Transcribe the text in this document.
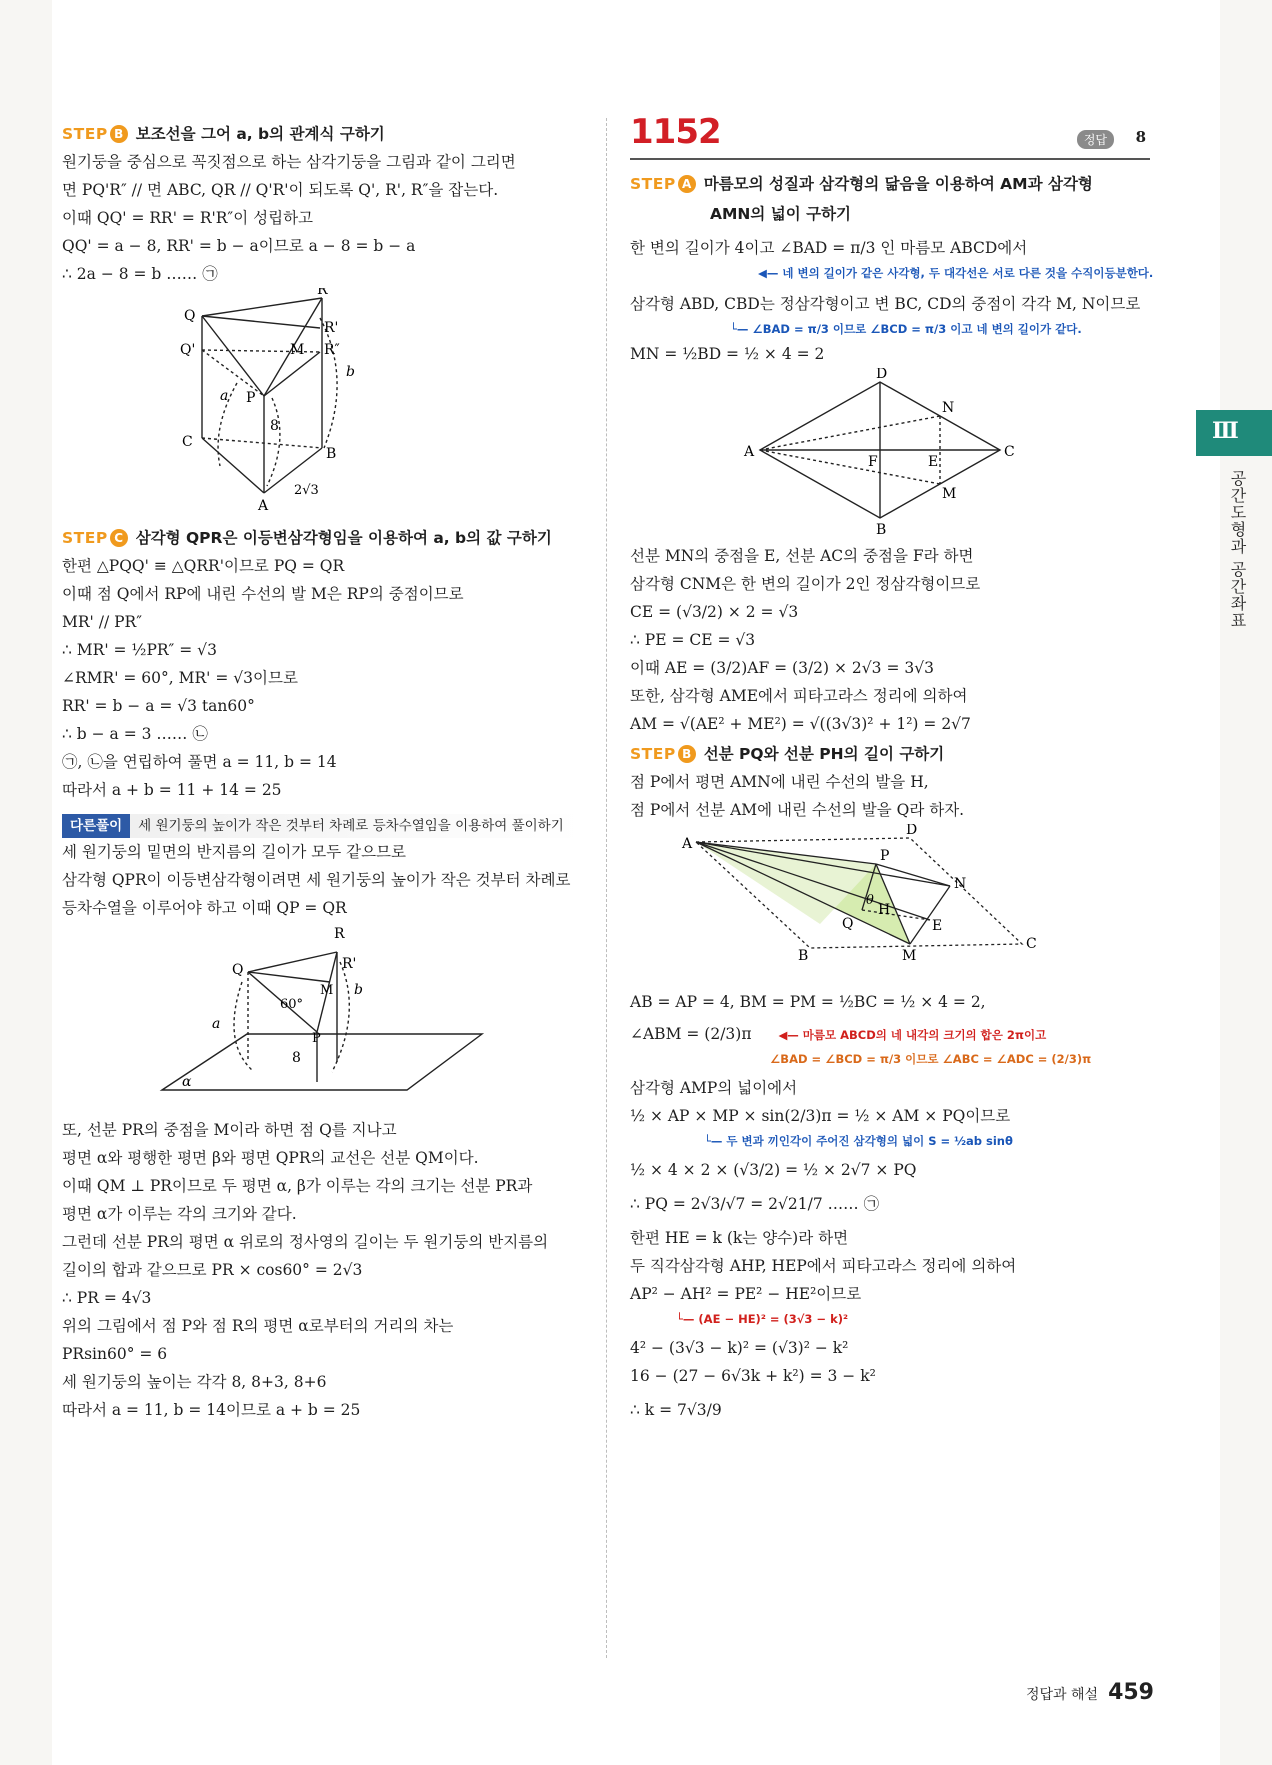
STEP B 보조선을 그어 a, b의 관계식 구하기
원기둥을 중심으로 꼭짓점으로 하는 삼각기둥을 그림과 같이 그리면
면 PQ'R″ // 면 ABC, QR // Q'R'이 되도록 Q', R', R″을 잡는다.
이때 QQ' = RR' = R'R″이 성립하고
QQ' = a − 8, RR' = b − a이므로 a − 8 = b − a
∴ 2a − 8 = b …… ㉠
R
Q
R'
Q'	M R″
b
a P
8
C
B
A
2√3
STEP C 삼각형 QPR은 이등변삼각형임을 이용하여 a, b의 값 구하기
한편 △PQQ' ≡ △QRR'이므로 PQ = QR
이때 점 Q에서 RP에 내린 수선의 발 M은 RP의 중점이므로
MR' // PR″
∴ MR' = ½PR″ = √3
∠RMR' = 60°, MR' = √3이므로
RR' = b − a = √3 tan60°
∴ b − a = 3 …… ㉡
㉠, ㉡을 연립하여 풀면 a = 11, b = 14
따라서 a + b = 11 + 14 = 25
다른풀이 세 원기둥의 높이가 작은 것부터 차례로 등차수열임을 이용하여 풀이하기
세 원기둥의 밑면의 반지름의 길이가 모두 같으므로
삼각형 QPR이 이등변삼각형이려면 세 원기둥의 높이가 작은 것부터 차례로
등차수열을 이루어야 하고 이때 QP = QR
R
Q	R'
M
60°
b
a
P
8
α
또, 선분 PR의 중점을 M이라 하면 점 Q를 지나고
평면 α와 평행한 평면 β와 평면 QPR의 교선은 선분 QM이다.
이때 QM ⊥ PR이므로 두 평면 α, β가 이루는 각의 크기는 선분 PR과
평면 α가 이루는 각의 크기와 같다.
그런데 선분 PR의 평면 α 위로의 정사영의 길이는 두 원기둥의 반지름의
길이의 합과 같으므로 PR × cos60° = 2√3
∴ PR = 4√3
위의 그림에서 점 P와 점 R의 평면 α로부터의 거리의 차는
PRsin60° = 6
세 원기둥의 높이는 각각 8, 8+3, 8+6
따라서 a = 11, b = 14이므로 a + b = 25
1152	정답	8
STEP A 마름모의 성질과 삼각형의 닮음을 이용하여 AM과 삼각형
AMN의 넓이 구하기
한 변의 길이가 4이고 ∠BAD = π/3 인 마름모 ABCD에서
◀— 네 변의 길이가 같은 사각형, 두 대각선은 서로 다른 것을 수직이등분한다.
삼각형 ABD, CBD는 정삼각형이고 변 BC, CD의 중점이 각각 M, N이므로
└— ∠BAD = π/3 이므로 ∠BCD = π/3 이고 네 변의 길이가 같다.
MN = ½BD = ½ × 4 = 2
D
N
A
F	E
C
M
B
선분 MN의 중점을 E, 선분 AC의 중점을 F라 하면
삼각형 CNM은 한 변의 길이가 2인 정삼각형이므로
CE = (√3/2) × 2 = √3
∴ PE = CE = √3
이때 AE = (3/2)AF = (3/2) × 2√3 = 3√3
또한, 삼각형 AME에서 피타고라스 정리에 의하여
AM = √(AE² + ME²) = √((3√3)² + 1²) = 2√7
STEP B 선분 PQ와 선분 PH의 길이 구하기
점 P에서 평면 AMN에 내린 수선의 발을 H,
점 P에서 선분 AM에 내린 수선의 발을 Q라 하자.
D
A
P
N
θ
H
Q	E
C
B	M
AB = AP = 4, BM = PM = ½BC = ½ × 4 = 2,
∠ABM = (2/3)π ◀— 마름모 ABCD의 네 내각의 크기의 합은 2π이고
∠BAD = ∠BCD = π/3 이므로 ∠ABC = ∠ADC = (2/3)π
삼각형 AMP의 넓이에서
½ × AP × MP × sin(2/3)π = ½ × AM × PQ이므로
└— 두 변과 끼인각이 주어진 삼각형의 넓이 S = ½ab sinθ
½ × 4 × 2 × (√3/2) = ½ × 2√7 × PQ
∴ PQ = 2√3/√7 = 2√21/7 …… ㉠
한편 HE = k (k는 양수)라 하면
두 직각삼각형 AHP, HEP에서 피타고라스 정리에 의하여
AP² − AH² = PE² − HE²이므로
└— (AE − HE)² = (3√3 − k)²
4² − (3√3 − k)² = (√3)² − k²
16 − (27 − 6√3k + k²) = 3 − k²
∴ k = 7√3/9
Ⅲ
공간도형과 공간좌표
정답과 해설 459
